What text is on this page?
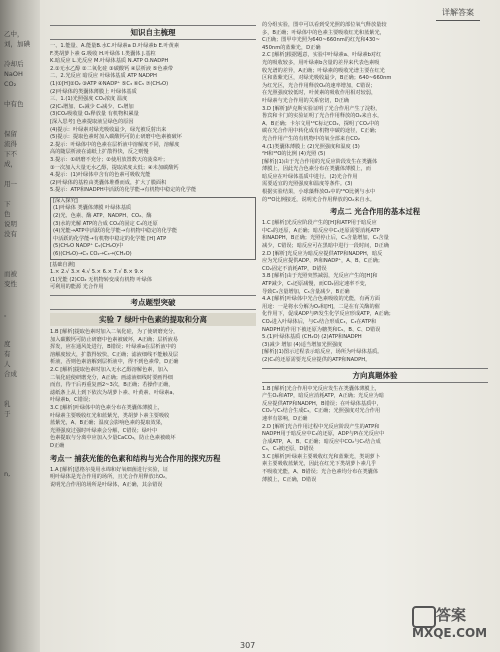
乙中，
刘，加碘
冷却后
NaOH
CO₂
中有色
保留
流得
下不
成，
用一
下
色
说明
没有
而被
变性
。
度
有
人
合成
乳
于
n,
详解答案
知识自主梳理

一、1.能量、A.能量B.水C.叶绿素a D.叶绿素b E.叶黄素

F.类胡萝卜素 G.吸收 H.叶绿体 I.类囊体 J.基粒

K.暗反应 L.光反应 M.叶绿体基质 N.ATP O.NADPH

2.①无水乙醇 ②二氧化硅 ③碳酸钙 ④层析液 ⑤色素带

二、2.光反应 暗反应 叶绿体基质 ATP NADPH

(1)①[H]②O₂ ③ATP ④NADP⁺ ⑤C₃ ⑥C₅ ⑦(CH₂O)

(2)叶绿体的类囊体薄膜上 叶绿体基质

三、1.(1)光照强度 CO₂浓度 温度

(2)C₃增加、C₅减少 C₃减少、C₅增加

(3)CO₂吸收量 O₂释放量 有机物积累量

[深入思考] 色素提取液呈绿色的原因

(4)提示：叶绿素对绿光吸收最少，绿光被反射出来

(5)提示：提取色素时加入碳酸钙可防止研磨中色素被破坏

2.提示：叶绿体中的色素在层析液中溶解度不同，溶解度

高的随层析液在滤纸上扩散得快，反之则慢

3.提示：①研磨不充分；②使用放置数天的菠菜叶；

③一次加入大量无水乙醇，提取浓度太低；④未加碳酸钙

4.提示：(1)叶绿体中含有的色素可吸收光能

(2)叶绿体的基粒由类囊体堆叠而成，扩大了膜面积

5.提示：ATP和NADPH中活跃的化学能→有机物中稳定的化学能

[深入探究]

(1)叶绿体 类囊体薄膜 叶绿体基质

(2)光、色素、酶 ATP、NADPH、CO₂、酶

(3)水的光解 ATP的合成 CO₂的固定 C₃的还原

(4)光能→ATP中活跃的化学能→有机物中稳定的化学能

中活跃的化学能→有机物中稳定的化学能 [H] ATP

(5)CH₂O NADP⁺ C₅(CH₂O)中

(6)(CH₂O)→C₃ CO₂→C₃→(CH₂O)

[基础自测]

1.× 2.√ 3.× 4.√ 5.× 6.× 7.√ 8.× 9.×

(1)光能 (2)CO₂ 无机物转变成有机物 叶绿体

可利用的能源 光合作用

考点题型突破
实验 7 绿叶中色素的提取和分离

1.B [解析]提取色素时加入二氧化硅，为了使研磨充分，

加入碳酸钙可防止研磨中色素被破坏，A正确；层析液易

挥发，应在通风处进行，B错误；叶绿素a在层析液中的

溶解度较大，扩散得较快，C正确；滤液细线不能触及层

析液，否则色素溶解到层析液中，得不到色素带，D正确

2.C [解析]提取色素时加入无水乙醇溶解色素，加入

二氧化硅使研磨充分，A正确；画滤液细线时要画得细

而直，待干后再重复画2~3次，B正确；若操作正确，

滤纸条上从上到下依次为胡萝卜素、叶黄素、叶绿素a、

叶绿素b，C错误；

3.C [解析]叶绿体中的色素分布在类囊体薄膜上，

叶绿素主要吸收红光和蓝紫光，类胡萝卜素主要吸收

蓝紫光，A、B正确；温度会影响色素的提取效果，

光照强度过强时叶绿素会分解，C错误；绿叶中

色素提取与分离中应加入少量CaCO₃，防止色素被破坏

D正确

考点一 捕获光能的色素和结构与光合作用的探究历程

1.A [解析]恩格尔曼用水绵和好氧细菌进行实验，证

明叶绿体是光合作用的场所，且光合作用释放出O₂，

说明光合作用的场所是叶绿体，A正确，其余错误

的分组实验，图中可以看到受光照的部位氧气释放量较

多，B正确；叶绿体中的色素主要吸收红光和蓝紫光，

C正确；图甲中光照为640~660nm的红光和430~

450nm的蓝紫光，D正确

2.C [解析]根据题意，实验中叶绿素a、叶绿素b对红

光的吸收较多，用叶绿素b含量的差异来代表色素吸

收光谱的差异，A正确；叶绿素的吸收光谱主要在红光

区和蓝紫光区，对绿光吸收最少，B正确；640~660nm

为红光区，光合作用释放O₂的速率增加，C错误；

在光照强度较低时，叶黄素的吸收作用相对较弱，

叶绿素与光合作用的关系密切，D正确

3.D [解析]萨克斯实验证明了光合作用产生了淀粉，

鲁宾和卡门的实验证明了光合作用释放的O₂来自水，

A、B正确；卡尔文用¹⁴C标记CO₂，探明了CO₂中的

碳在光合作用中转化成有机物中碳的途径，C正确；

光合作用产生的有机物中的氧全部来自CO₂

4.(1)类囊体薄膜上 (2)光照强度和温度 (3)

²H和¹⁸O的比例 (4)光照 (5)

[解析](1)由于光合作用的光反应阶段发生在类囊体

薄膜上，因此光合色素分布在类囊体薄膜上，而

暗反应在叶绿体基质中进行。(2)光合作用

需要适宜的光照强度和温度等条件。(3)

根据实验结果，小球藻释放O₂中的¹⁸O比例与水中

的¹⁸O比例接近，说明光合作用释放的O₂来自水。

考点二 光合作用的基本过程

1.C [解析]光反应阶段产生的[H]和ATP用于暗反应

中C₃的还原，A正确；暗反应中C₃还原需要消耗ATP

和NADPH，B正确；光照停止后，C₃含量增加，C₅含量

减少，C错误；暗反应可在黑暗中进行一段时间，D正确

2.D [解析]光反应为暗反应提供ATP和NADPH，暗反

应为光反应提供ADP、Pi和NADP⁺，A、B、C正确；

CO₂固定不消耗ATP，D错误

3.B [解析]由于光照突然减弱，光反应产生的[H]和

ATP减少，C₃还原减慢，而CO₂固定速率不变，

导致C₃含量增加，C₅含量减少，B正确

4.A [解析]叶绿体中光合色素吸收的光能，有两方面

用途：一是将水分解为O₂和[H]，二是在有关酶的催

化作用下，促成ADP与Pi发生化学反应形成ATP，A正确；

CO₂进入叶绿体后，与C₅结合形成C₃，C₃在ATP和

NADPH的作用下被还原为糖类和C₅，B、C、D错误

5.(1)叶绿体基质 (CH₂O) (2)ATP和NADPH

(3)减少 增加 (4)适当增加光照强度

[解析](1)图示过程表示暗反应，场所为叶绿体基质。

(2)C₃的还原需要光反应提供的ATP和NADPH。

方向真题体验

1.B [解析]光合作用中光反应发生在类囊体薄膜上，

产生O₂和ATP，暗反应消耗ATP，A正确；光反应为暗

反应提供ATP和NADPH，B错误；在叶绿体基质中，

CO₂与C₅结合生成C₃，C正确；光照强度对光合作用

速率有影响，D正确

2.D [解析]光合作用过程中光反应阶段产生的ATP和

NADPH用于暗反应中C₃的还原，ADP与Pi在光反应中

合成ATP，A、B、C正确；暗反应中CO₂与C₅结合成

C₃，C₃被还原，D错误

3.C [解析]叶绿素主要吸收红光和蓝紫光，类胡萝卜

素主要吸收蓝紫光，因此在红光下类胡萝卜素几乎

不吸收光能，A、B错误；光合色素均分布在类囊体

薄膜上，C正确，D错误

307
答案
MXQE.COM
